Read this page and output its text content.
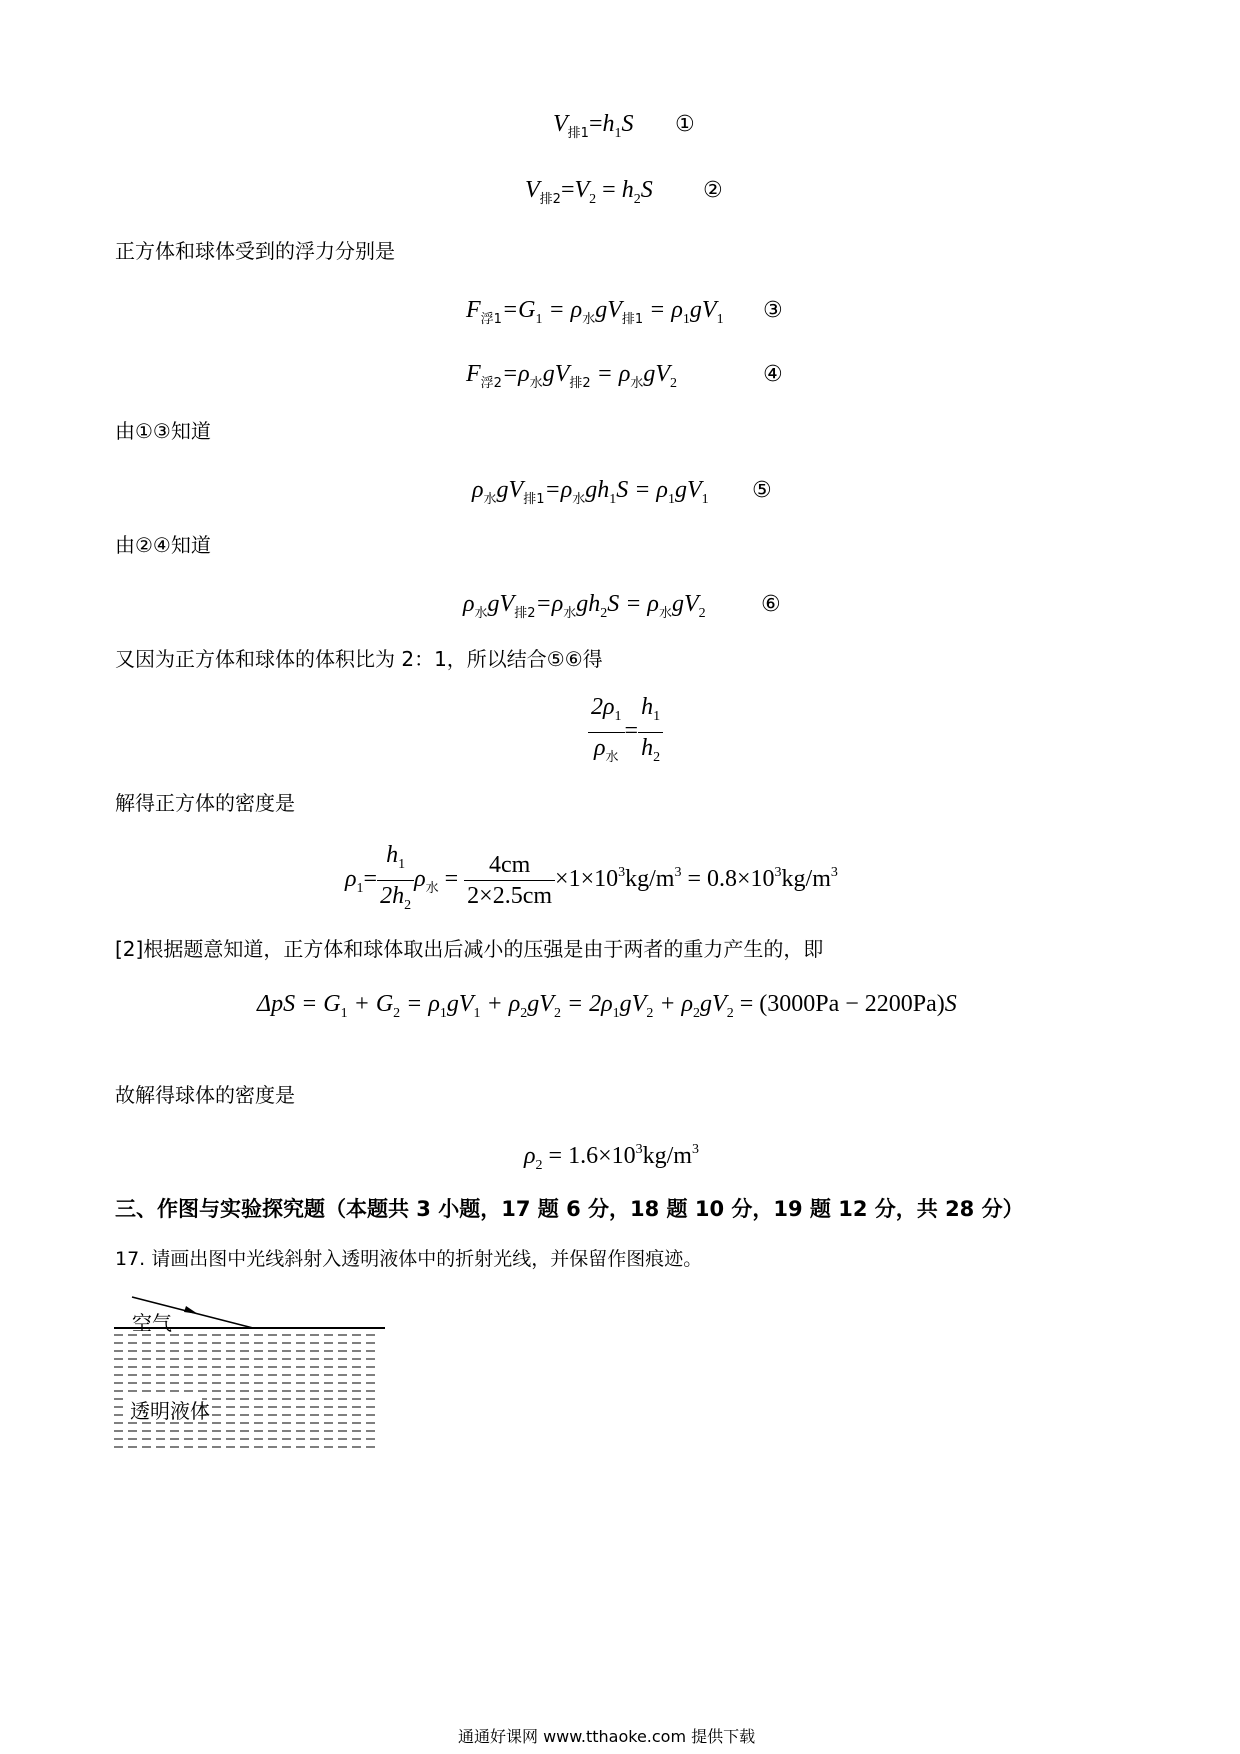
$V_{排1}=h_1S$ ①
$V_{排2}=V_2 = h_2S$ ②
正方体和球体受到的浮力分别是
$F_{浮1}=G_1 = \rho_水gV_{排1} = \rho_1gV_1$ ③
$F_{浮2}=\rho_水gV_{排2} = \rho_水gV_2$	④
由①③知道
$\rho_水gV_{排1}=\rho_水gh_1S = \rho_1gV_1$ ⑤
由②④知道
$\rho_水gV_{排2}=\rho_水gh_2S = \rho_水gV_2$	⑥
又因为正方体和球体的体积比为 2：1，所以结合⑤⑥得
$\frac{2\rho_1}{\rho_水} = \frac{h_1}{h_2}$
解得正方体的密度是
$\rho_1= \frac{h_1}{2h_2} \rho_水 = \frac{4cm}{2\times 2.5cm} \times 1\times 10^3kg/m^3 = 0.8\times 10^3kg/m^3$
[2]根据题意知道，正方体和球体取出后减小的压强是由于两者的重力产生的，即
$\Delta pS = G_1 + G_2 = \rho_1gV_1 + \rho_2gV_2 = 2\rho_1gV_2 + \rho_2gV_2 = (3000Pa - 2200Pa)S$
故解得球体的密度是
$\rho_2 = 1.6\times 10^3kg/m^3$
三、作图与实验探究题（本题共 3 小题，17 题 6 分，18 题 10 分，19 题 12 分，共 28 分）
17. 请画出图中光线斜射入透明液体中的折射光线，并保留作图痕迹。
空气
透明液体
通通好课网 www.tthaoke.com 提供下载
